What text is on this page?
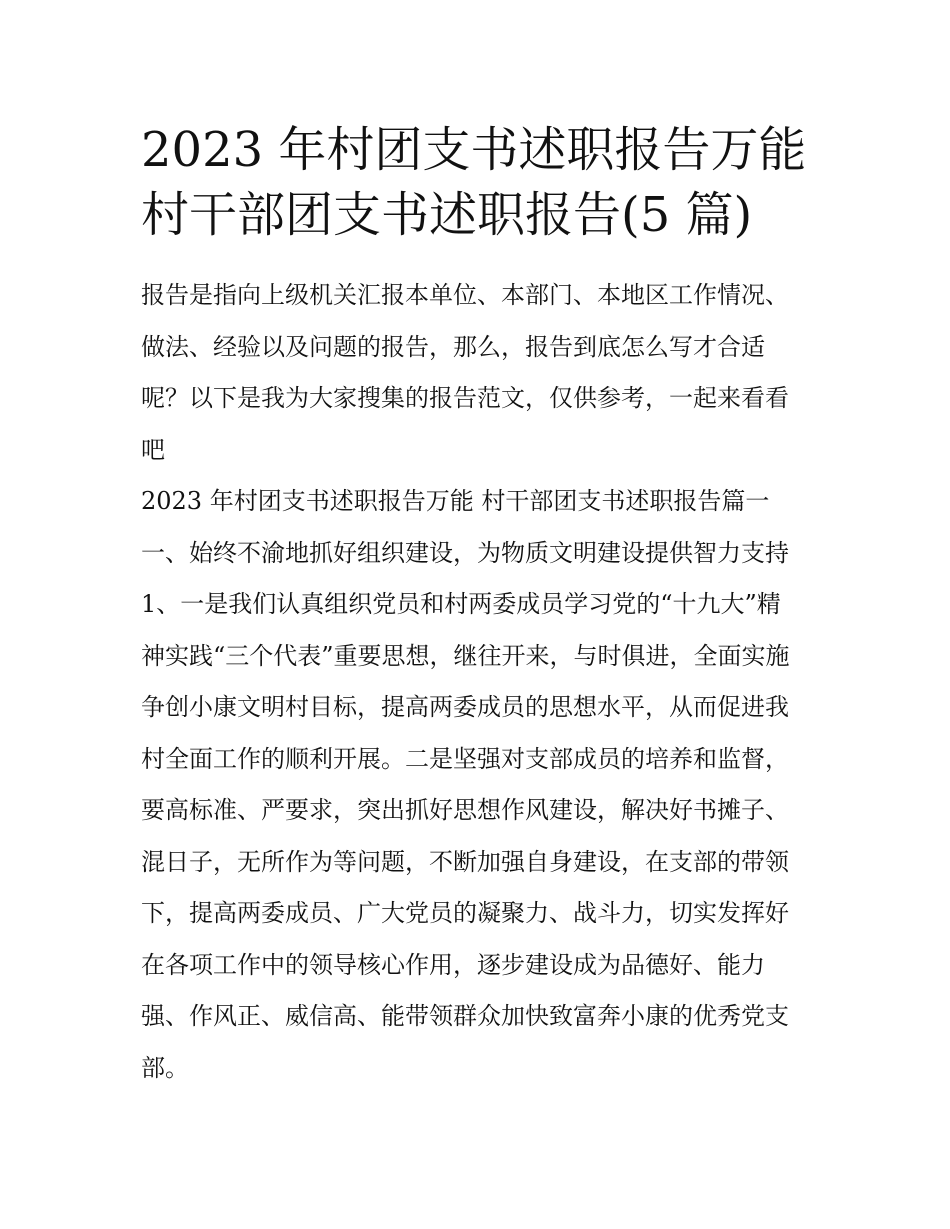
2023 年村团支书述职报告万能
村干部团支书述职报告(5 篇)

报告是指向上级机关汇报本单位、本部门、本地区工作情况、
做法、经验以及问题的报告，那么，报告到底怎么写才合适
呢？以下是我为大家搜集的报告范文，仅供参考，一起来看看
吧

2023 年村团支书述职报告万能 村干部团支书述职报告篇一

一、始终不渝地抓好组织建设，为物质文明建设提供智力支持

1、一是我们认真组织党员和村两委成员学习党的“十九大”精
神实践“三个代表”重要思想，继往开来，与时俱进，全面实施
争创小康文明村目标，提高两委成员的思想水平，从而促进我
村全面工作的顺利开展。二是坚强对支部成员的培养和监督，
要高标准、严要求，突出抓好思想作风建设，解决好书摊子、
混日子，无所作为等问题，不断加强自身建设，在支部的带领
下，提高两委成员、广大党员的凝聚力、战斗力，切实发挥好
在各项工作中的领导核心作用，逐步建设成为品德好、能力
强、作风正、威信高、能带领群众加快致富奔小康的优秀党支
部。
